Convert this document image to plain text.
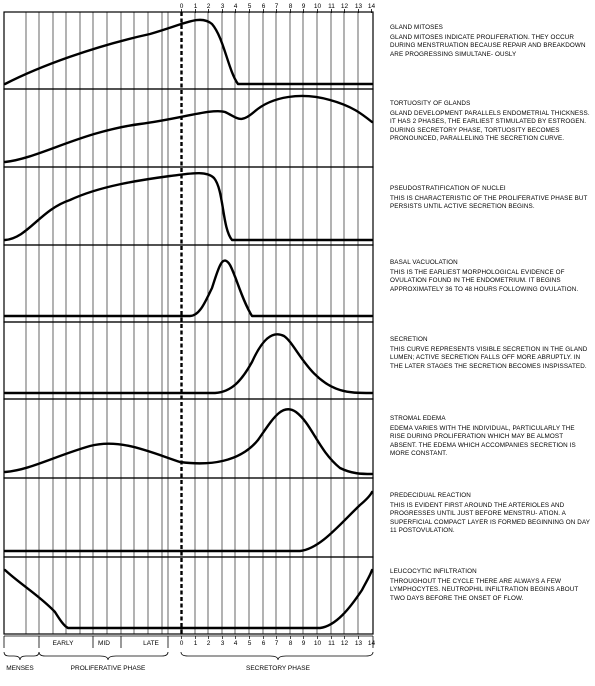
0 1 2 3 4 5 6 7 8 9 10 11 12 13 14
0 1 2 3 4 5 6 7 8 9 10 11 12 13 14
EARLY	MID	LATE
MENSES	PROLIFERATIVE PHASE	SECRETORY PHASE
GLAND MITOSES
GLAND MITOSES INDICATE PROLIFERATION. THEY OCCUR DURING MENSTRUATION BECAUSE REPAIR AND BREAKDOWN ARE PROGRESSING SIMULTANE- OUSLY
TORTUOSITY OF GLANDS
GLAND DEVELOPMENT PARALLELS ENDOMETRIAL THICKNESS. IT HAS 2 PHASES, THE EARLIEST STIMULATED BY ESTROGEN. DURING SECRETORY PHASE, TORTUOSITY BECOMES PRONOUNCED, PARALLELING THE SECRETION CURVE.
PSEUDOSTRATIFICATION OF NUCLEI
THIS IS CHARACTERISTIC OF THE PROLIFERATIVE PHASE BUT PERSISTS UNTIL ACTIVE SECRETION BEGINS.
BASAL VACUOLATION
THIS IS THE EARLIEST MORPHOLOGICAL EVIDENCE OF OVULATION FOUND IN THE ENDOMETRIUM. IT BEGINS APPROXIMATELY 36 TO 48 HOURS FOLLOWING OVULATION.
SECRETION
THIS CURVE REPRESENTS VISIBLE SECRETION IN THE GLAND LUMEN; ACTIVE SECRETION FALLS OFF MORE ABRUPTLY. IN THE LATER STAGES THE SECRETION BECOMES INSPISSATED.
STROMAL EDEMA
EDEMA VARIES WITH THE INDIVIDUAL, PARTICULARLY THE RISE DURING PROLIFERATION WHICH MAY BE ALMOST ABSENT. THE EDEMA WHICH ACCOMPANIES SECRETION IS MORE CONSTANT.
PREDECIDUAL REACTION
THIS IS EVIDENT FIRST AROUND THE ARTERIOLES AND PROGRESSES UNTIL JUST BEFORE MENSTRU- ATION. A SUPERFICIAL COMPACT LAYER IS FORMED BEGINNING ON DAY 11 POSTOVULATION.
LEUCOCYTIC INFILTRATION
THROUGHOUT THE CYCLE THERE ARE ALWAYS A FEW LYMPHOCYTES. NEUTROPHIL INFILTRATION BEGINS ABOUT TWO DAYS BEFORE THE ONSET OF FLOW.
